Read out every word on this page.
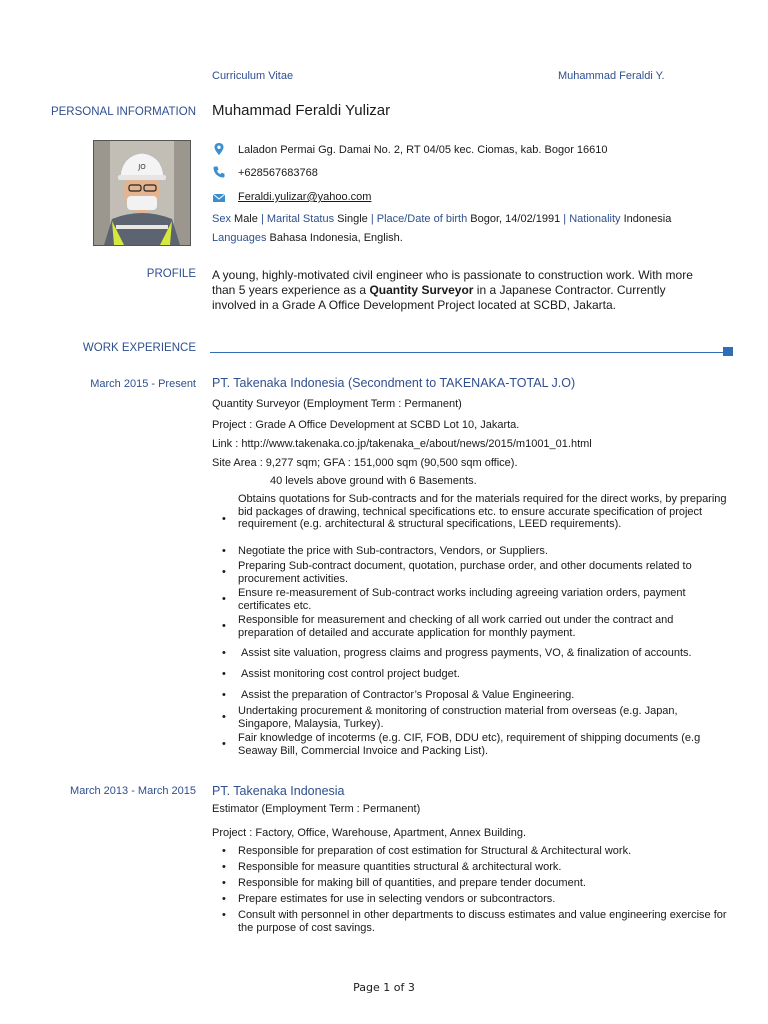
Curriculum Vitae	Muhammad Feraldi Y.
PERSONAL INFORMATION Muhammad Feraldi Yulizar
JO
Laladon Permai Gg. Damai No. 2, RT 04/05 kec. Ciomas, kab. Bogor 16610
+628567683768
Feraldi.yulizar@yahoo.com
Sex Male | Marital Status Single | Place/Date of birth Bogor, 14/02/1991 | Nationality Indonesia
Languages Bahasa Indonesia, English.
PROFILE A young, highly-motivated civil engineer who is passionate to construction work. With more than 5 years experience as a Quantity Surveyor in a Japanese Contractor. Currently involved in a Grade A Office Development Project located at SCBD, Jakarta.
WORK EXPERIENCE
March 2015 - Present PT. Takenaka Indonesia (Secondment to TAKENAKA-TOTAL J.O)
Quantity Surveyor (Employment Term : Permanent)
Project : Grade A Office Development at SCBD Lot 10, Jakarta.
Link : http://www.takenaka.co.jp/takenaka_e/about/news/2015/m1001_01.html
Site Area : 9,277 sqm; GFA : 151,000 sqm (90,500 sqm office).
40 levels above ground with 6 Basements.
•
Obtains quotations for Sub-contracts and for the materials required for the direct works, by preparing bid packages of drawing, technical specifications etc. to ensure accurate specification of project requirement (e.g. architectural & structural specifications, LEED requirements).
• Negotiate the price with Sub-contractors, Vendors, or Suppliers.
• Preparing Sub-contract document, quotation, purchase order, and other documents related to procurement activities.
• Ensure re-measurement of Sub-contract works including agreeing variation orders, payment certificates etc.
• Responsible for measurement and checking of all work carried out under the contract and preparation of detailed and accurate application for monthly payment.
• Assist site valuation, progress claims and progress payments, VO, & finalization of accounts.
• Assist monitoring cost control project budget.
• Assist the preparation of Contractor’s Proposal & Value Engineering.
• Undertaking procurement & monitoring of construction material from overseas (e.g. Japan, Singapore, Malaysia, Turkey).
• Fair knowledge of incoterms (e.g. CIF, FOB, DDU etc), requirement of shipping documents (e.g Seaway Bill, Commercial Invoice and Packing List).
March 2013 - March 2015 PT. Takenaka Indonesia
Estimator (Employment Term : Permanent)
Project : Factory, Office, Warehouse, Apartment, Annex Building.
• Responsible for preparation of cost estimation for Structural & Architectural work.
• Responsible for measure quantities structural & architectural work.
• Responsible for making bill of quantities, and prepare tender document.
• Prepare estimates for use in selecting vendors or subcontractors.
• Consult with personnel in other departments to discuss estimates and value engineering exercise for the purpose of cost savings.
Page 1 of 3
